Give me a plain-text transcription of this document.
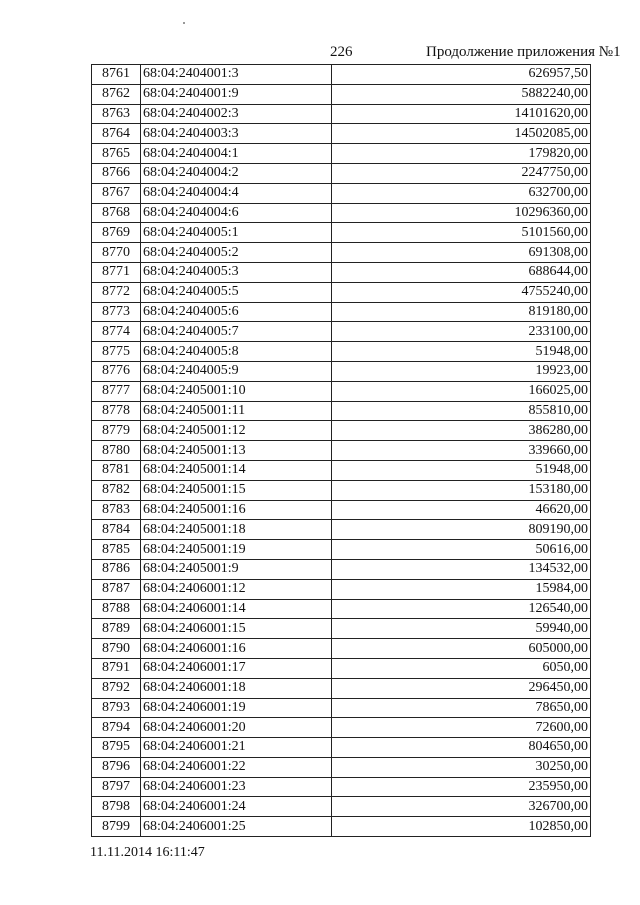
226	Продолжение приложения №1
8761	68:04:2404001:3	626957,50
8762	68:04:2404001:9	5882240,00
8763	68:04:2404002:3	14101620,00
8764	68:04:2404003:3	14502085,00
8765	68:04:2404004:1	179820,00
8766	68:04:2404004:2	2247750,00
8767	68:04:2404004:4	632700,00
8768	68:04:2404004:6	10296360,00
8769	68:04:2404005:1	5101560,00
8770	68:04:2404005:2	691308,00
8771	68:04:2404005:3	688644,00
8772	68:04:2404005:5	4755240,00
8773	68:04:2404005:6	819180,00
8774	68:04:2404005:7	233100,00
8775	68:04:2404005:8	51948,00
8776	68:04:2404005:9	19923,00
8777	68:04:2405001:10	166025,00
8778	68:04:2405001:11	855810,00
8779	68:04:2405001:12	386280,00
8780	68:04:2405001:13	339660,00
8781	68:04:2405001:14	51948,00
8782	68:04:2405001:15	153180,00
8783	68:04:2405001:16	46620,00
8784	68:04:2405001:18	809190,00
8785	68:04:2405001:19	50616,00
8786	68:04:2405001:9	134532,00
8787	68:04:2406001:12	15984,00
8788	68:04:2406001:14	126540,00
8789	68:04:2406001:15	59940,00
8790	68:04:2406001:16	605000,00
8791	68:04:2406001:17	6050,00
8792	68:04:2406001:18	296450,00
8793	68:04:2406001:19	78650,00
8794	68:04:2406001:20	72600,00
8795	68:04:2406001:21	804650,00
8796	68:04:2406001:22	30250,00
8797	68:04:2406001:23	235950,00
8798	68:04:2406001:24	326700,00
8799	68:04:2406001:25	102850,00
11.11.2014 16:11:47
